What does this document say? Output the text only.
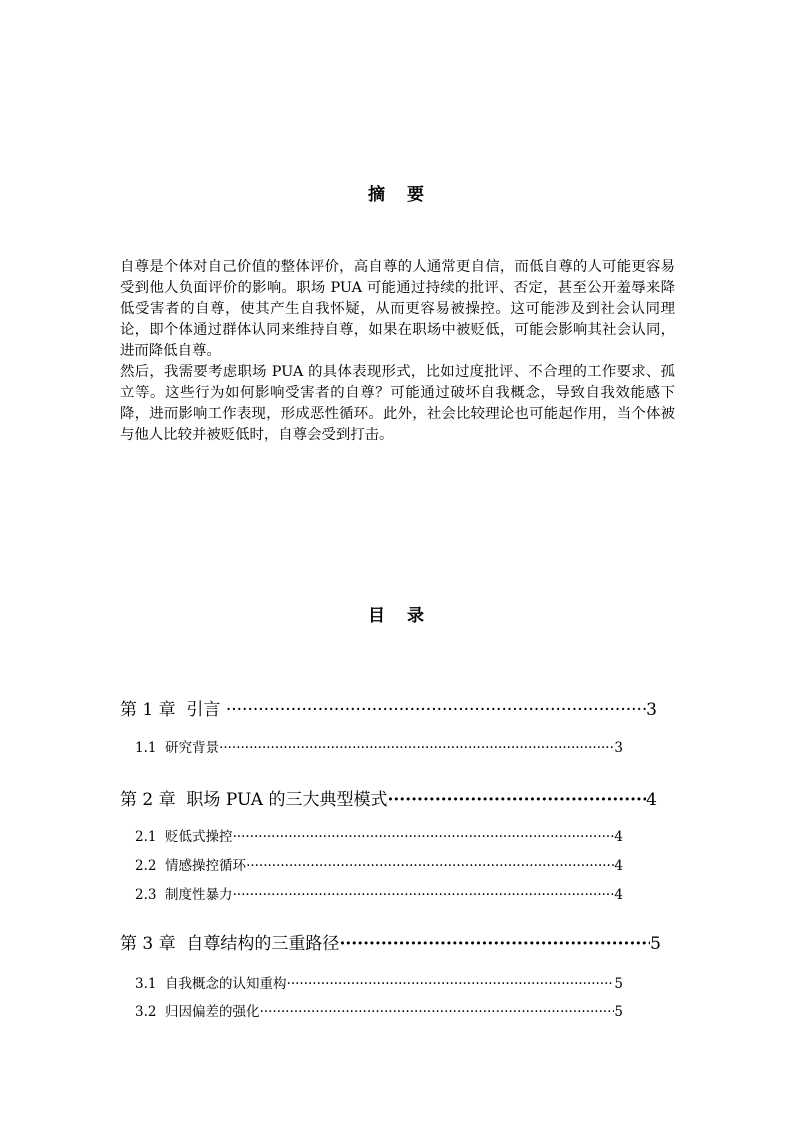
摘 要

自尊是个体对自己价值的整体评价，高自尊的人通常更自信，而低自尊的人可能更容易受到他人负面评价的影响。职场 PUA 可能通过持续的批评、否定，甚至公开羞辱来降低受害者的自尊，使其产生自我怀疑，从而更容易被操控。这可能涉及到社会认同理论，即个体通过群体认同来维持自尊，如果在职场中被贬低，可能会影响其社会认同，进而降低自尊。

然后，我需要考虑职场 PUA 的具体表现形式，比如过度批评、不合理的工作要求、孤立等。这些行为如何影响受害者的自尊？可能通过破坏自我概念，导致自我效能感下降，进而影响工作表现，形成恶性循环。此外，社会比较理论也可能起作用，当个体被与他人比较并被贬低时，自尊会受到打击。

目 录
第 1 章  引言 ·····	3
1.1  研究背景 ·····	3
第 2 章  职场 PUA 的三大典型模式 ·····	4
2.1  贬低式操控 ·····	4
2.2  情感操控循环 ·····	4
2.3  制度性暴力 ·····	4
第 3 章  自尊结构的三重路径 ·····	5
3.1  自我概念的认知重构 ·····	5
3.2  归因偏差的强化 ·····	5
